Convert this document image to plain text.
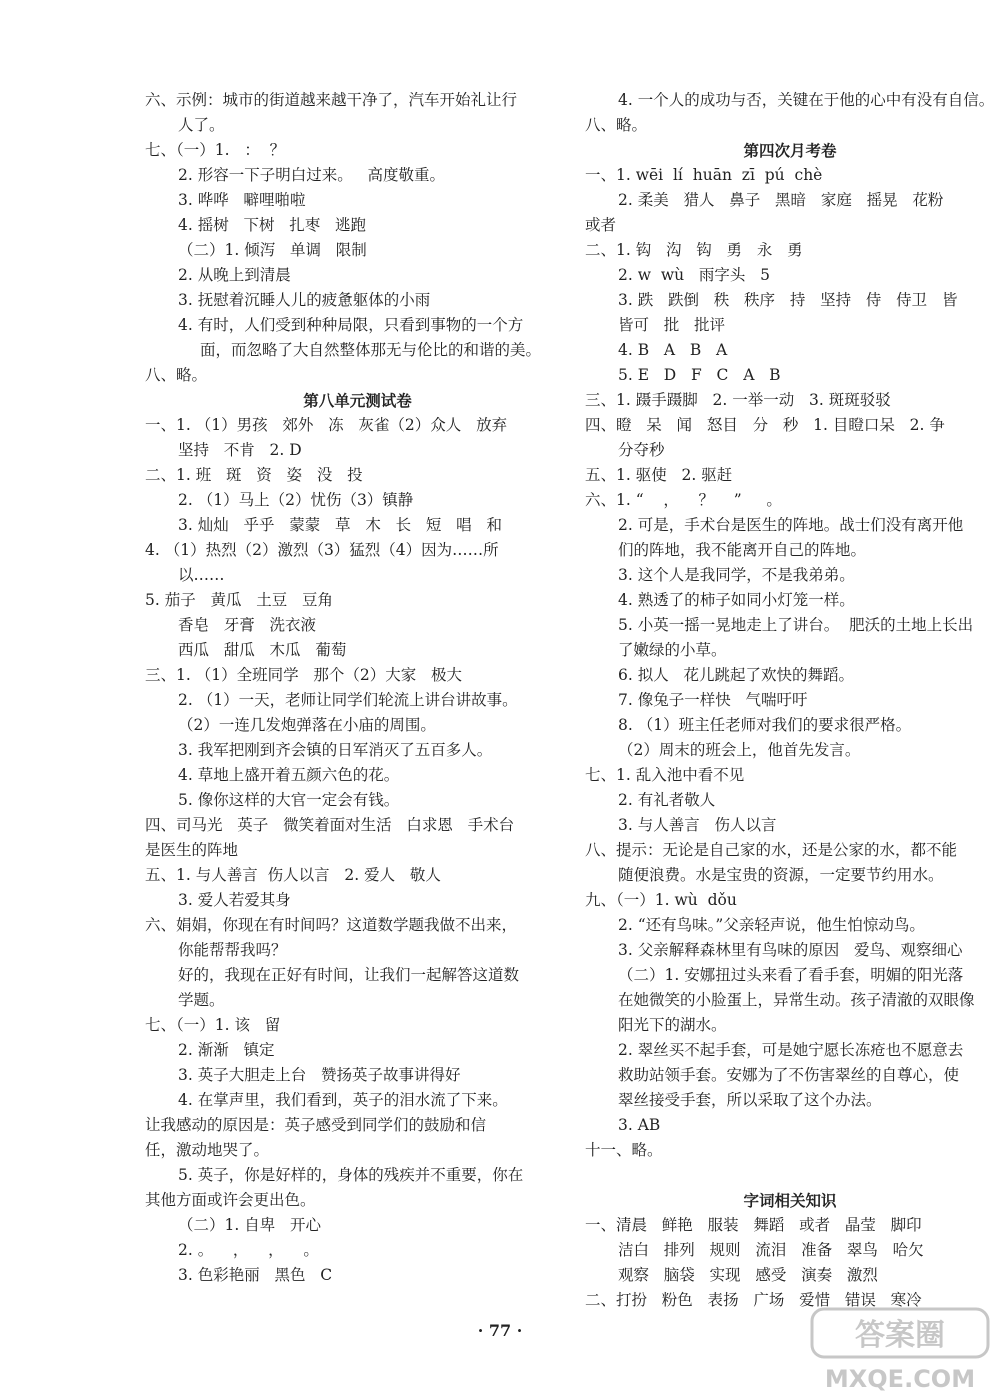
六、示例：城市的街道越来越干净了，汽车开始礼让行
人了。
七、（一）1.   ：  ？
2. 形容一下子明白过来。   高度敬重。
3. 哗哗   噼哩啪啦
4. 摇树   下树   扎枣   逃跑
（二）1. 倾泻   单调   限制
2. 从晚上到清晨
3. 抚慰着沉睡人儿的疲惫躯体的小雨
4. 有时，人们受到种种局限，只看到事物的一个方
面，而忽略了大自然整体那无与伦比的和谐的美。
八、略。
第八单元测试卷
一、1. （1）男孩   郊外   冻   灰雀（2）众人   放弃
坚持   不肯   2. D
二、1. 班   斑   资   姿   没   投
2. （1）马上（2）忧伤（3）镇静
3. 灿灿   乎乎   蒙蒙   草   木   长   短   唱   和
4. （1）热烈（2）激烈（3）猛烈（4）因为……所
以……
5. 茄子   黄瓜   土豆   豆角
香皂   牙膏   洗衣液
西瓜   甜瓜   木瓜   葡萄
三、1. （1）全班同学   那个（2）大家   极大
2. （1）一天，老师让同学们轮流上讲台讲故事。
（2）一连几发炮弹落在小庙的周围。
3. 我军把刚到齐会镇的日军消灭了五百多人。
4. 草地上盛开着五颜六色的花。
5. 像你这样的大官一定会有钱。
四、司马光   英子   微笑着面对生活   白求恩   手术台
是医生的阵地
五、1. 与人善言  伤人以言   2. 爱人   敬人
3. 爱人若爱其身
六、娟娟，你现在有时间吗？这道数学题我做不出来，
你能帮帮我吗？
好的，我现在正好有时间，让我们一起解答这道数
学题。
七、（一）1. 该   留
2. 渐渐   镇定
3. 英子大胆走上台   赞扬英子故事讲得好
4. 在掌声里，我们看到，英子的泪水流了下来。
让我感动的原因是：英子感受到同学们的鼓励和信
任，激动地哭了。
5. 英子，你是好样的，身体的残疾并不重要，你在
其他方面或许会更出色。
（二）1. 自卑   开心
2. 。    ，    ，    。
3. 色彩艳丽   黑色   C
4. 一个人的成功与否，关键在于他的心中有没有自信。
八、略。
第四次月考卷
一、1. wēi  lí  huān  zī  pú  chè
2. 柔美   猎人   鼻子   黑暗   家庭   摇晃   花粉
或者
二、1. 钩   沟   钩   勇   永   勇
2. w  wù   雨字头   5
3. 跌   跌倒   秩   秩序   持   坚持   侍   侍卫   皆
皆可   批   批评
4. B   A   B   A
5. E   D   F   C   A   B
三、1. 蹑手蹑脚   2. 一举一动   3. 斑斑驳驳
四、瞪   呆   闻   怒目   分   秒   1. 目瞪口呆   2. 争
分夺秒
五、1. 驱使   2. 驱赶
六、1. “    ，    ？    ”     。
2. 可是，手术台是医生的阵地。战士们没有离开他
们的阵地，我不能离开自己的阵地。
3. 这个人是我同学，不是我弟弟。
4. 熟透了的柿子如同小灯笼一样。
5. 小英一摇一晃地走上了讲台。  肥沃的土地上长出
了嫩绿的小草。
6. 拟人   花儿跳起了欢快的舞蹈。
7. 像兔子一样快   气喘吁吁
8. （1）班主任老师对我们的要求很严格。
（2）周末的班会上，他首先发言。
七、1. 乱入池中看不见
2. 有礼者敬人
3. 与人善言   伤人以言
八、提示：无论是自己家的水，还是公家的水，都不能
随便浪费。水是宝贵的资源，一定要节约用水。
九、（一）1. wù  dǒu
2. “还有鸟味。”父亲轻声说，他生怕惊动鸟。
3. 父亲解释森林里有鸟味的原因   爱鸟、观察细心
（二）1. 安娜扭过头来看了看手套，明媚的阳光落
在她微笑的小脸蛋上，异常生动。孩子清澈的双眼像
阳光下的湖水。
2. 翠丝买不起手套，可是她宁愿长冻疮也不愿意去
救助站领手套。安娜为了不伤害翠丝的自尊心，使
翠丝接受手套，所以采取了这个办法。
3. AB
十一、略。
字词相关知识
一、清晨   鲜艳   服装   舞蹈   或者   晶莹   脚印
洁白   排列   规则   流泪   准备   翠鸟   哈欠
观察   脑袋   实现   感受   演奏   激烈
二、打扮   粉色   表扬   广场   爱惜   错误   寒冷
· 77 ·	答案圈
MXQE.COM
